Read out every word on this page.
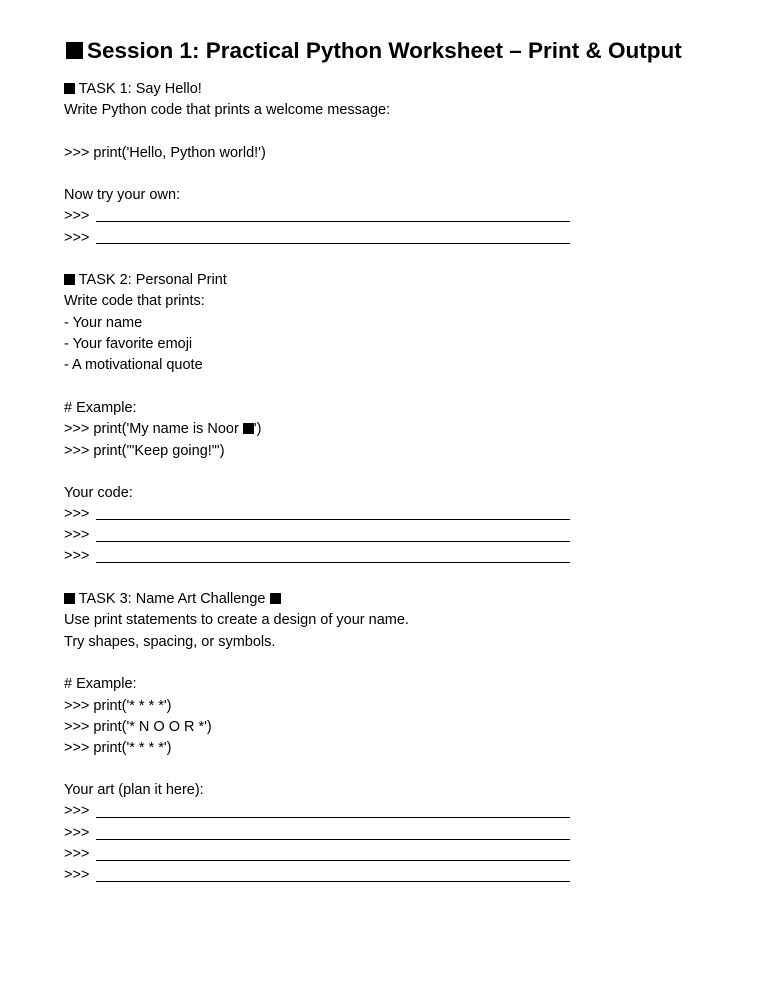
Session 1: Practical Python Worksheet – Print & Output
TASK 1: Say Hello!
Write Python code that prints a welcome message:
>>> print('Hello, Python world!')
Now try your own:
>>>
>>>
TASK 2: Personal Print
Write code that prints:
- Your name
- Your favorite emoji
- A motivational quote
# Example:
>>> print('My name is Noor ')
>>> print('"Keep going!"')
Your code:
>>>
>>>
>>>
TASK 3: Name Art Challenge
Use print statements to create a design of your name.
Try shapes, spacing, or symbols.
# Example:
>>> print('* * * *')
>>> print('* N O O R *')
>>> print('* * * *')
Your art (plan it here):
>>>
>>>
>>>
>>>
